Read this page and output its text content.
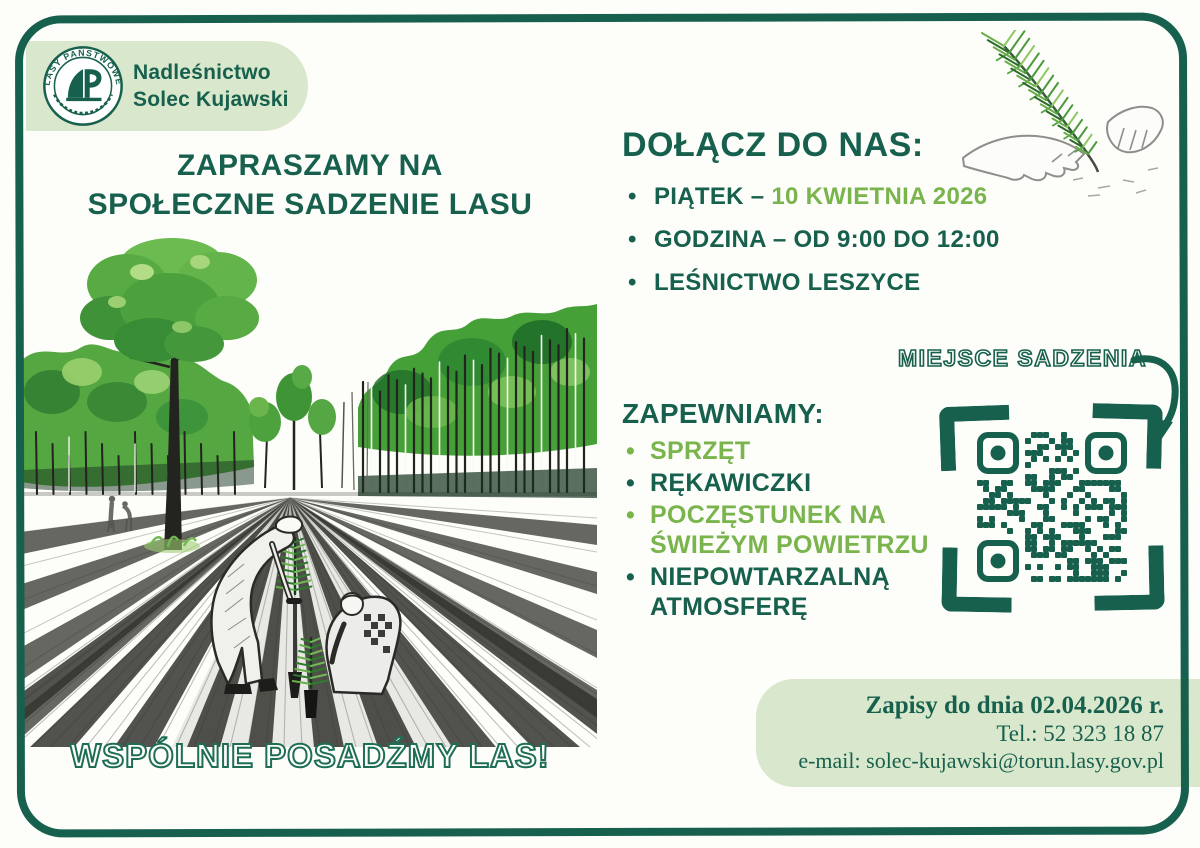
LASY PAŃSTWOWE Nadleśnictwo
Solec Kujawski
ZAPRASZAMY NA
SPOŁECZNE SADZENIE LASU
DOŁĄCZ DO NAS:
• PIĄTEK – 10 KWIETNIA 2026
• GODZINA – OD 9:00 DO 12:00
• LEŚNICTWO LESZYCE
ZAPEWNIAMY:
• SPRZĘT
• RĘKAWICZKI
• POCZĘSTUNEK NA ŚWIEŻYM POWIETRZU
• NIEPOWTARZALNĄ ATMOSFERĘ
MIEJSCE SADZENIA
WSPÓLNIE POSADŹMY LAS!
Zapisy do dnia 02.04.2026 r.
Tel.: 52 323 18 87
e-mail: solec-kujawski@torun.lasy.gov.pl
